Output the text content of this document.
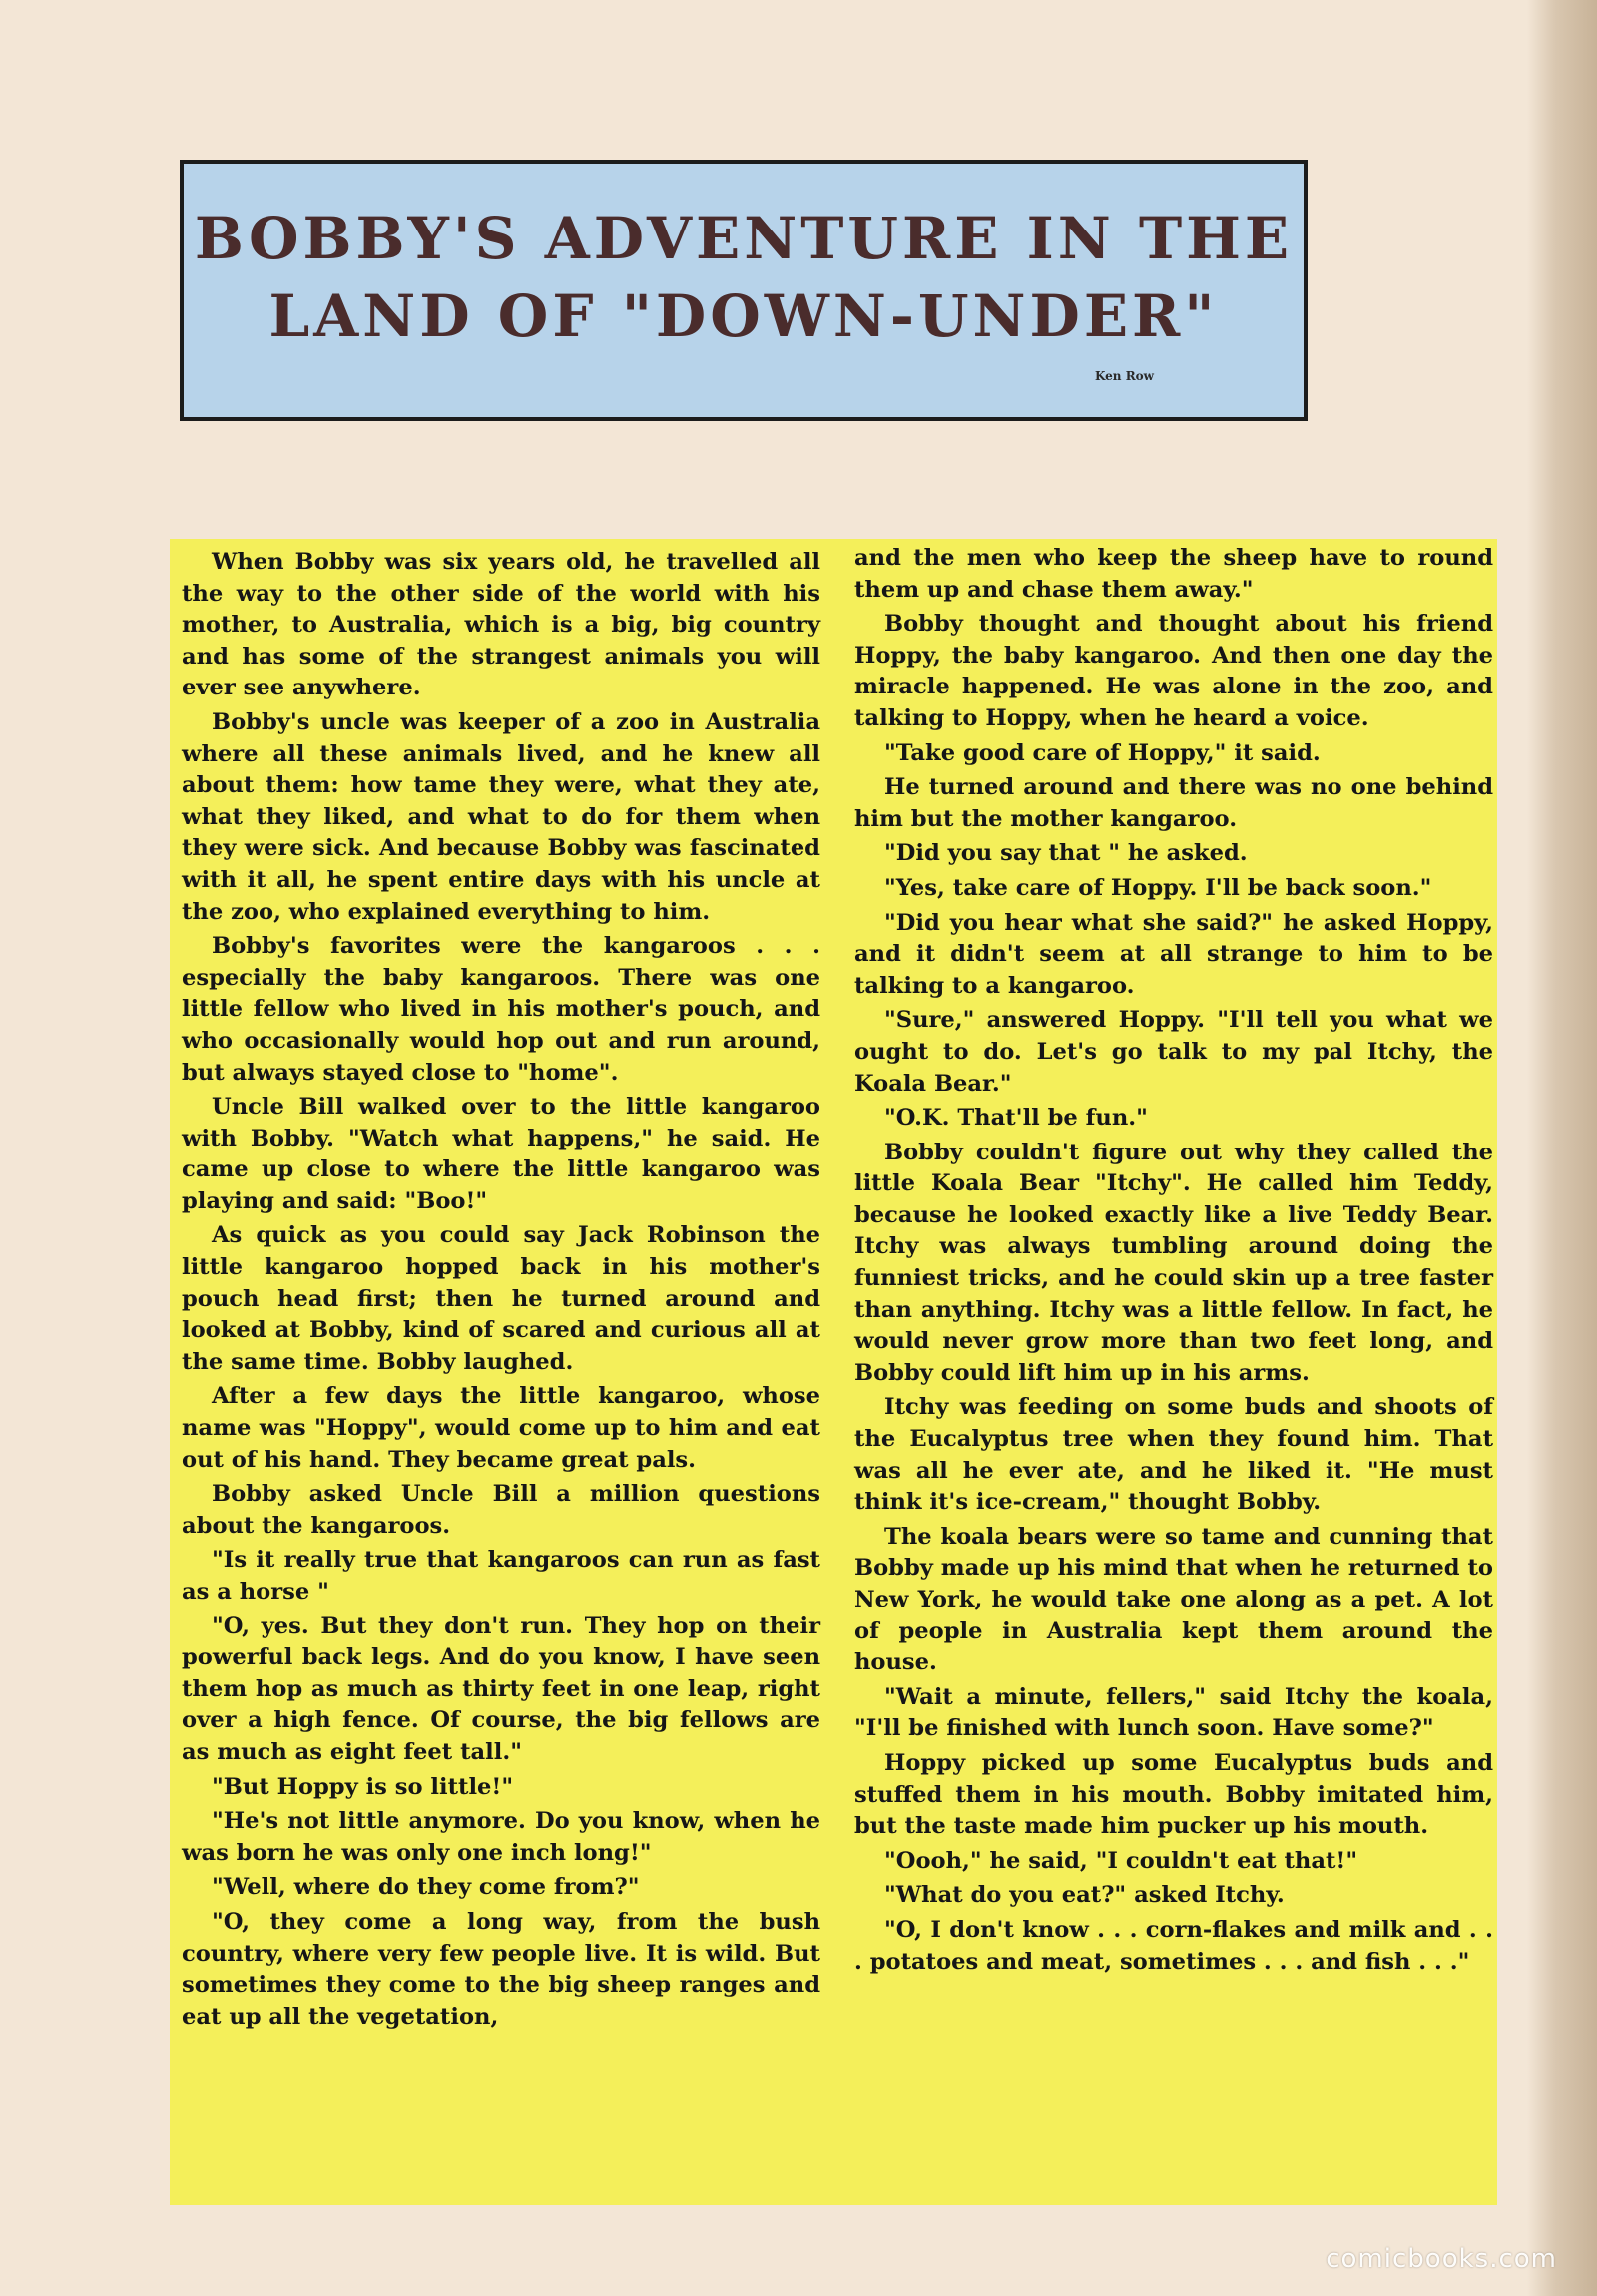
BOBBY'S ADVENTURE IN THE
LAND OF "DOWN-UNDER"
Ken Row

When Bobby was six years old, he travelled all the way to the other side of the world with his mother, to Australia, which is a big, big country and has some of the strangest animals you will ever see anywhere.

Bobby's uncle was keeper of a zoo in Australia where all these animals lived, and he knew all about them: how tame they were, what they ate, what they liked, and what to do for them when they were sick. And because Bobby was fascinated with it all, he spent entire days with his uncle at the zoo, who explained everything to him.

Bobby's favorites were the kangaroos . . . especially the baby kangaroos. There was one little fellow who lived in his mother's pouch, and who occasionally would hop out and run around, but always stayed close to "home".

Uncle Bill walked over to the little kangaroo with Bobby. "Watch what happens," he said. He came up close to where the little kangaroo was playing and said: "Boo!"

As quick as you could say Jack Robinson the little kangaroo hopped back in his mother's pouch head first; then he turned around and looked at Bobby, kind of scared and curious all at the same time. Bobby laughed.

After a few days the little kangaroo, whose name was "Hoppy", would come up to him and eat out of his hand. They became great pals.

Bobby asked Uncle Bill a million questions about the kangaroos.

"Is it really true that kangaroos can run as fast as a horse "

"O, yes. But they don't run. They hop on their powerful back legs. And do you know, I have seen them hop as much as thirty feet in one leap, right over a high fence. Of course, the big fellows are as much as eight feet tall."

"But Hoppy is so little!"

"He's not little anymore. Do you know, when he was born he was only one inch long!"

"Well, where do they come from?"

"O, they come a long way, from the bush country, where very few people live. It is wild. But sometimes they come to the big sheep ranges and eat up all the vegetation,

and the men who keep the sheep have to round them up and chase them away."

Bobby thought and thought about his friend Hoppy, the baby kangaroo. And then one day the miracle happened. He was alone in the zoo, and talking to Hoppy, when he heard a voice.

"Take good care of Hoppy," it said.

He turned around and there was no one behind him but the mother kangaroo.

"Did you say that " he asked.

"Yes, take care of Hoppy. I'll be back soon."

"Did you hear what she said?" he asked Hoppy, and it didn't seem at all strange to him to be talking to a kangaroo.

"Sure," answered Hoppy. "I'll tell you what we ought to do. Let's go talk to my pal Itchy, the Koala Bear."

"O.K. That'll be fun."

Bobby couldn't figure out why they called the little Koala Bear "Itchy". He called him Teddy, because he looked exactly like a live Teddy Bear. Itchy was always tumbling around doing the funniest tricks, and he could skin up a tree faster than anything. Itchy was a little fellow. In fact, he would never grow more than two feet long, and Bobby could lift him up in his arms.

Itchy was feeding on some buds and shoots of the Eucalyptus tree when they found him. That was all he ever ate, and he liked it. "He must think it's ice-cream," thought Bobby.

The koala bears were so tame and cunning that Bobby made up his mind that when he returned to New York, he would take one along as a pet. A lot of people in Australia kept them around the house.

"Wait a minute, fellers," said Itchy the koala, "I'll be finished with lunch soon. Have some?"

Hoppy picked up some Eucalyptus buds and stuffed them in his mouth. Bobby imitated him, but the taste made him pucker up his mouth.

"Oooh," he said, "I couldn't eat that!"

"What do you eat?" asked Itchy.

"O, I don't know . . . corn-flakes and milk and . . . potatoes and meat, sometimes . . . and fish . . ."

comicbooks.com
